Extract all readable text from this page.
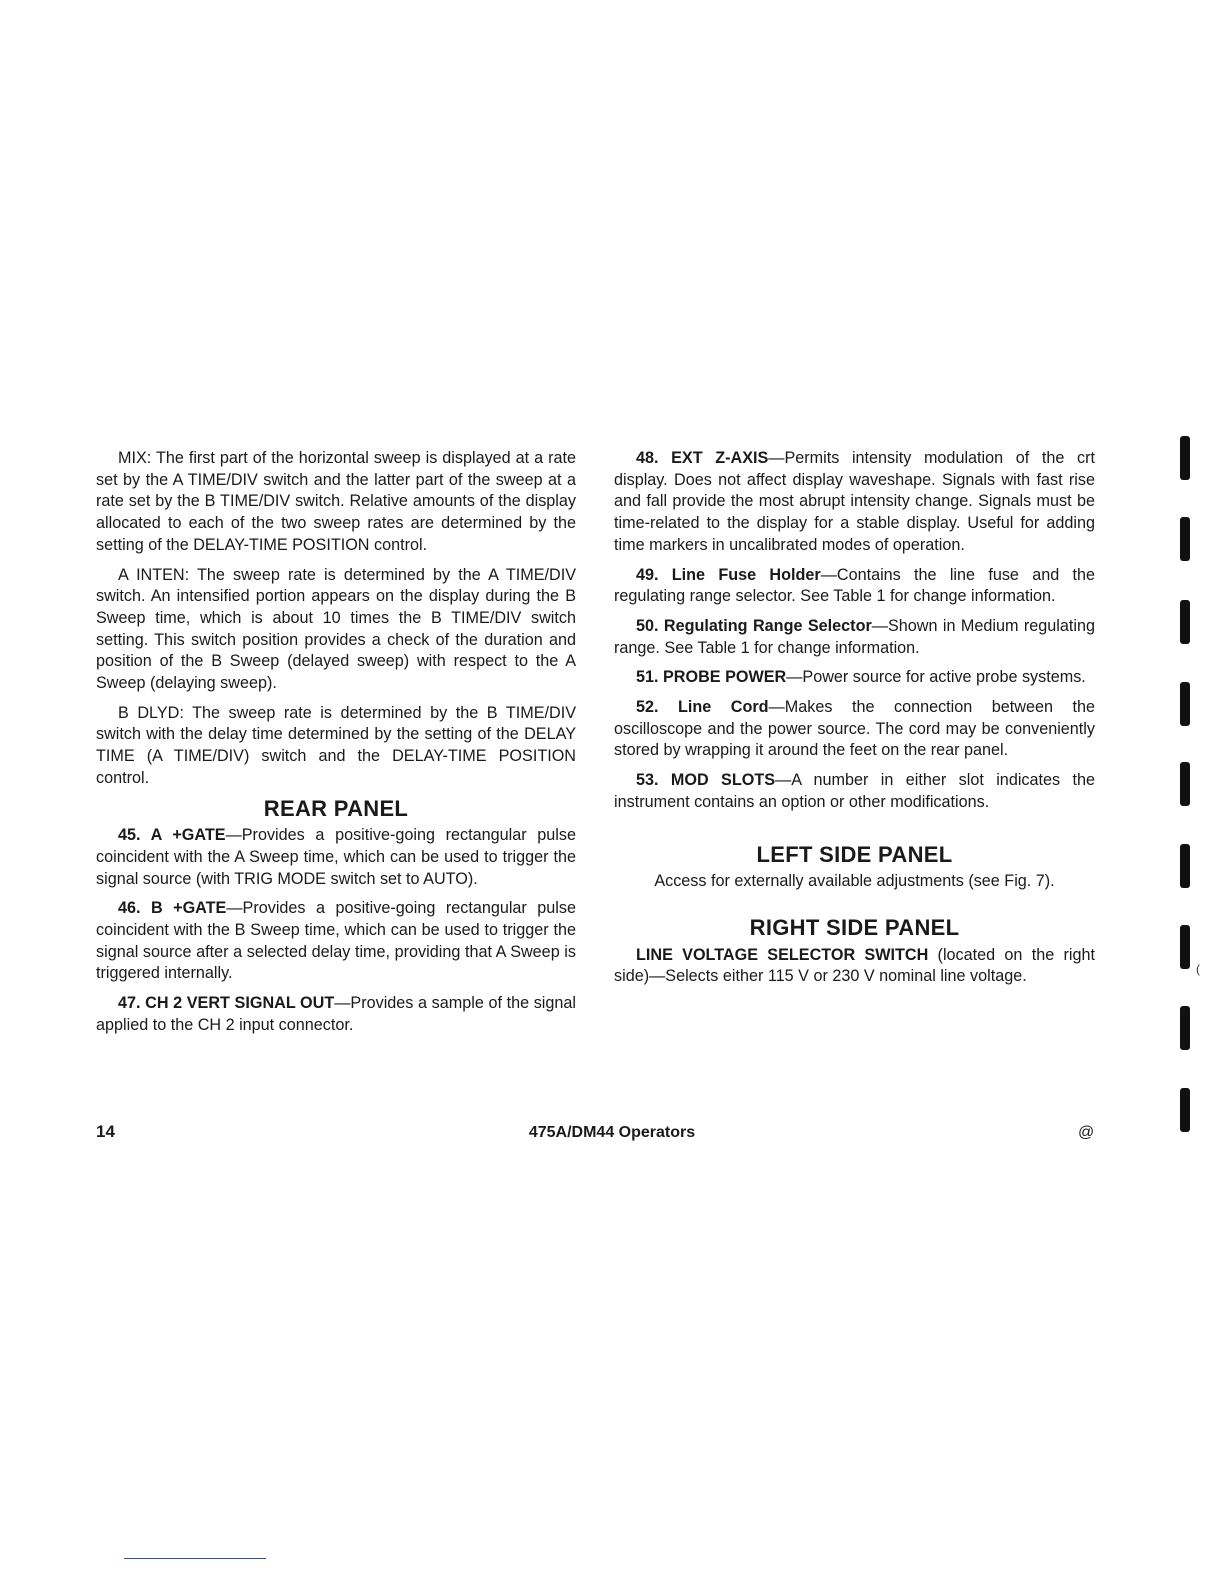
MIX: The first part of the horizontal sweep is displayed at a rate set by the A TIME/DIV switch and the latter part of the sweep at a rate set by the B TIME/DIV switch. Relative amounts of the display allocated to each of the two sweep rates are determined by the setting of the DELAY-TIME POSITION control.

A INTEN: The sweep rate is determined by the A TIME/DIV switch. An intensified portion appears on the display during the B Sweep time, which is about 10 times the B TIME/DIV switch setting. This switch position provides a check of the duration and position of the B Sweep (delayed sweep) with respect to the A Sweep (delaying sweep).

B DLYD: The sweep rate is determined by the B TIME/DIV switch with the delay time determined by the setting of the DELAY TIME (A TIME/DIV) switch and the DELAY-TIME POSITION control.

REAR PANEL

45. A +GATE—Provides a positive-going rectangular pulse coincident with the A Sweep time, which can be used to trigger the signal source (with TRIG MODE switch set to AUTO).

46. B +GATE—Provides a positive-going rectangular pulse coincident with the B Sweep time, which can be used to trigger the signal source after a selected delay time, providing that A Sweep is triggered internally.

47. CH 2 VERT SIGNAL OUT—Provides a sample of the signal applied to the CH 2 input connector.

48. EXT Z-AXIS—Permits intensity modulation of the crt display. Does not affect display waveshape. Signals with fast rise and fall provide the most abrupt intensity change. Signals must be time-related to the display for a stable display. Useful for adding time markers in uncalibrated modes of operation.

49. Line Fuse Holder—Contains the line fuse and the regulating range selector. See Table 1 for change information.

50. Regulating Range Selector—Shown in Medium regulating range. See Table 1 for change information.

51. PROBE POWER—Power source for active probe systems.

52. Line Cord—Makes the connection between the oscilloscope and the power source. The cord may be conveniently stored by wrapping it around the feet on the rear panel.

53. MOD SLOTS—A number in either slot indicates the instrument contains an option or other modifications.

LEFT SIDE PANEL

Access for externally available adjustments (see Fig. 7).

RIGHT SIDE PANEL

LINE VOLTAGE SELECTOR SWITCH (located on the right side)—Selects either 115 V or 230 V nominal line voltage.

14	475A/DM44 Operators	@
(
